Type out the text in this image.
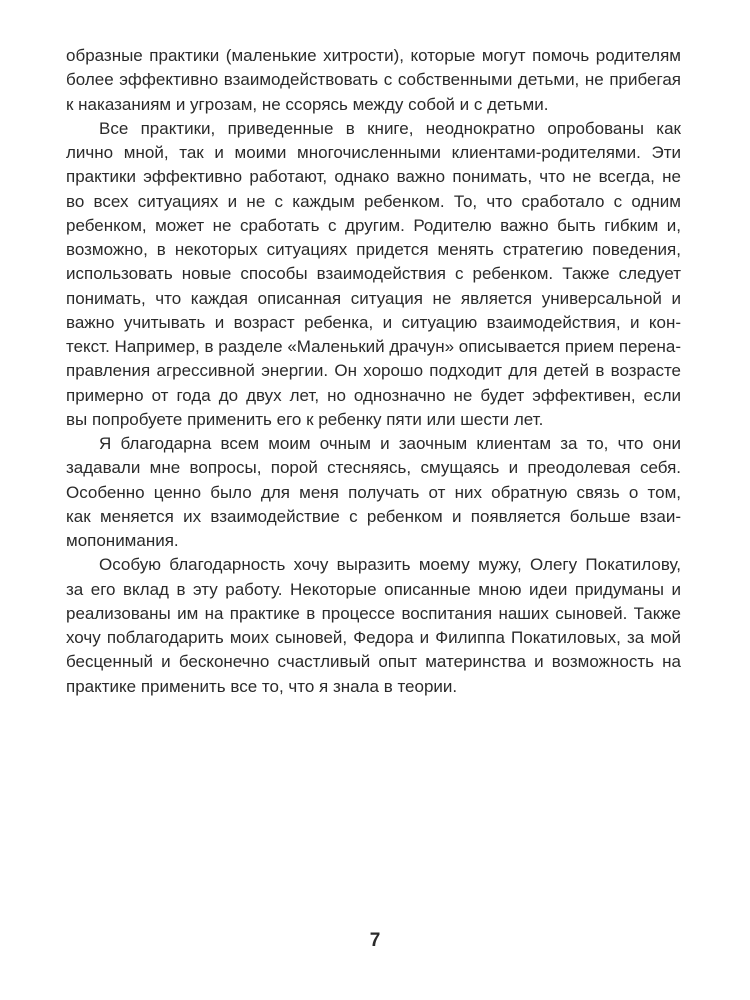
образные практики (маленькие хитрости), которые могут помочь родителям
более эффективно взаимодействовать с собственными детьми, не прибегая
к наказаниям и угрозам, не ссорясь между собой и с детьми.
Все практики, приведенные в книге, неоднократно опробованы как
лично мной, так и моими многочисленными клиентами-родителями. Эти
практики эффективно работают, однако важно понимать, что не всегда, не
во всех ситуациях и не с каждым ребенком. То, что сработало с одним
ребенком, может не сработать с другим. Родителю важно быть гибким и,
возможно, в некоторых ситуациях придется менять стратегию поведения,
использовать новые способы взаимодействия с ребенком. Также следует
понимать, что каждая описанная ситуация не является универсальной и
важно учитывать и возраст ребенка, и ситуацию взаимодействия, и кон-
текст. Например, в разделе «Маленький драчун» описывается прием перена-
правления агрессивной энергии. Он хорошо подходит для детей в возрасте
примерно от года до двух лет, но однозначно не будет эффективен, если
вы попробуете применить его к ребенку пяти или шести лет.
Я благодарна всем моим очным и заочным клиентам за то, что они
задавали мне вопросы, порой стесняясь, смущаясь и преодолевая себя.
Особенно ценно было для меня получать от них обратную связь о том,
как меняется их взаимодействие с ребенком и появляется больше взаи-
мопонимания.
Особую благодарность хочу выразить моему мужу, Олегу Покатилову,
за его вклад в эту работу. Некоторые описанные мною идеи придуманы и
реализованы им на практике в процессе воспитания наших сыновей. Также
хочу поблагодарить моих сыновей, Федора и Филиппа Покатиловых, за мой
бесценный и бесконечно счастливый опыт материнства и возможность на
практике применить все то, что я знала в теории.
7
